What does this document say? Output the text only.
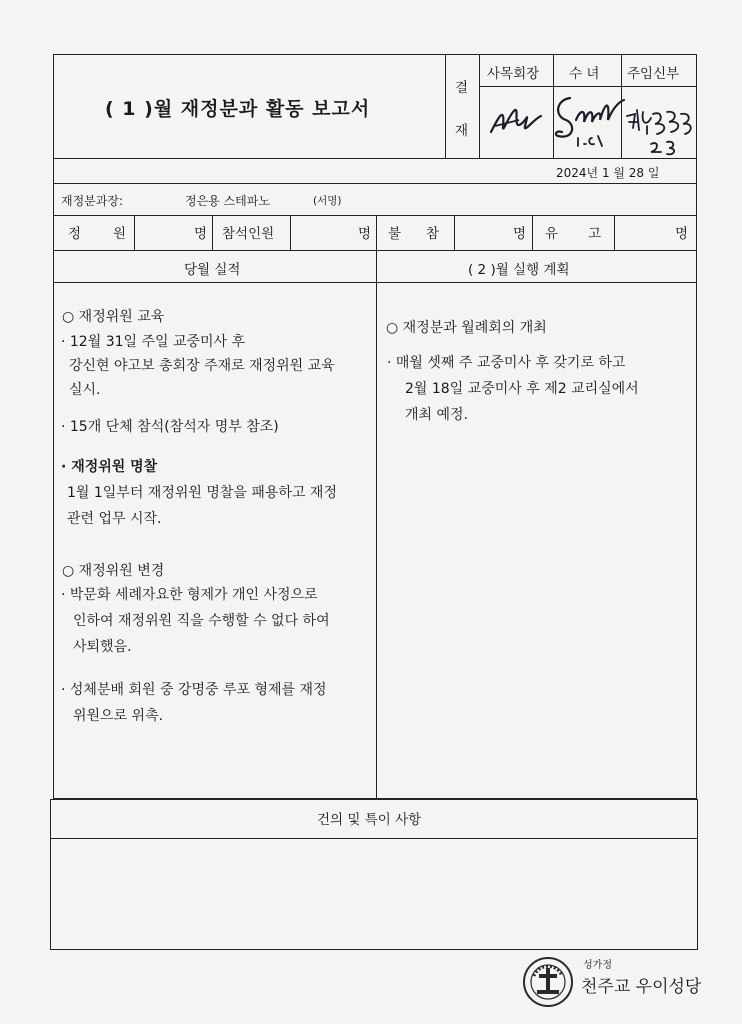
( 1 )월 재정분과 활동 보고서
결
재
사목회장 수 녀 주임신부
2024년 1 월 28 일
재정분과장:	정은용 스테파노	(서명)
정 원	명 참석인원	명 불 참	명 유 고	명
당월 실적	( 2 )월 실행 계획
○ 재정위원 교육
· 12월 31일 주일 교중미사 후
강신현 야고보 총회장 주재로 재정위원 교육
실시.
· 15개 단체 참석(참석자 명부 참조)
· 재정위원 명찰
1월 1일부터 재정위원 명찰을 패용하고 재정
관련 업무 시작.
○ 재정위원 변경
· 박문화 세례자요한 형제가 개인 사정으로
인하여 재정위원 직을 수행할 수 없다 하여
사퇴했음.
· 성체분배 회원 중 강명중 루포 형제를 재정
위원으로 위촉.
○ 재정분과 월례회의 개최
· 매월 셋째 주 교중미사 후 갖기로 하고
2월 18일 교중미사 후 제2 교리실에서
개최 예정.
건의 및 특이 사항
성가정
천주교 우이성당
